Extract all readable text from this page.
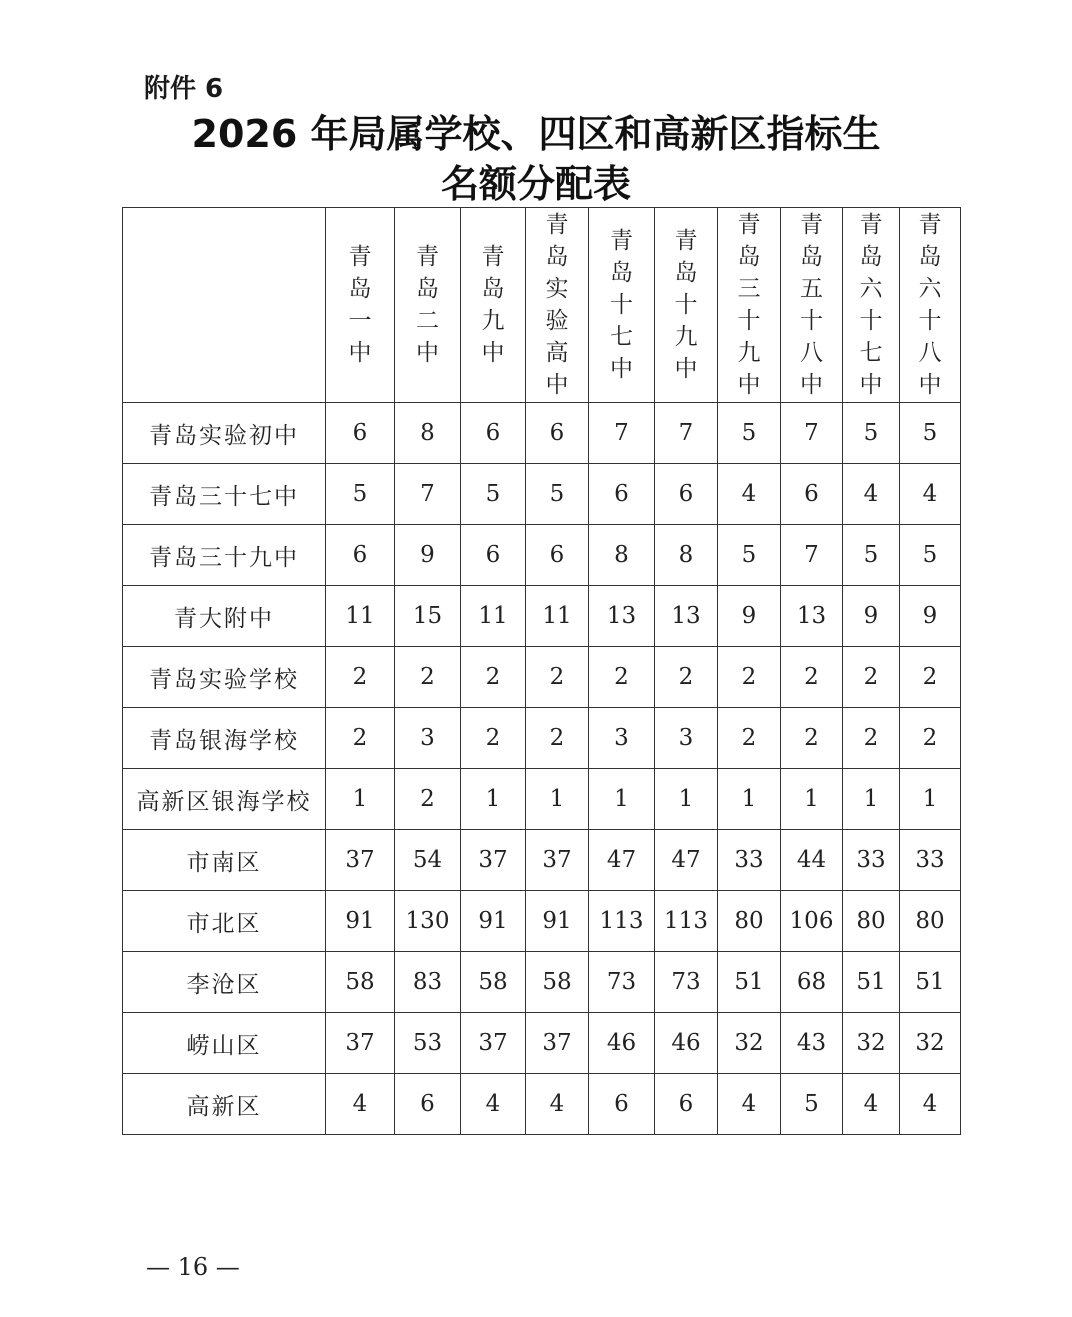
附件 6
2026 年局属学校、四区和高新区指标生
名额分配表
	青岛一中	青岛二中	青岛九中	青岛实验高中	青岛十七中	青岛十九中	青岛三十九中	青岛五十八中	青岛六十七中	青岛六十八中
青岛实验初中	6	8	6	6	7	7	5	7	5	5
青岛三十七中	5	7	5	5	6	6	4	6	4	4
青岛三十九中	6	9	6	6	8	8	5	7	5	5
青大附中	11	15	11	11	13	13	9	13	9	9
青岛实验学校	2	2	2	2	2	2	2	2	2	2
青岛银海学校	2	3	2	2	3	3	2	2	2	2
高新区银海学校	1	2	1	1	1	1	1	1	1	1
市南区	37	54	37	37	47	47	33	44	33	33
市北区	91	130	91	91	113	113	80	106	80	80
李沧区	58	83	58	58	73	73	51	68	51	51
崂山区	37	53	37	37	46	46	32	43	32	32
高新区	4	6	4	4	6	6	4	5	4	4
— 16 —
